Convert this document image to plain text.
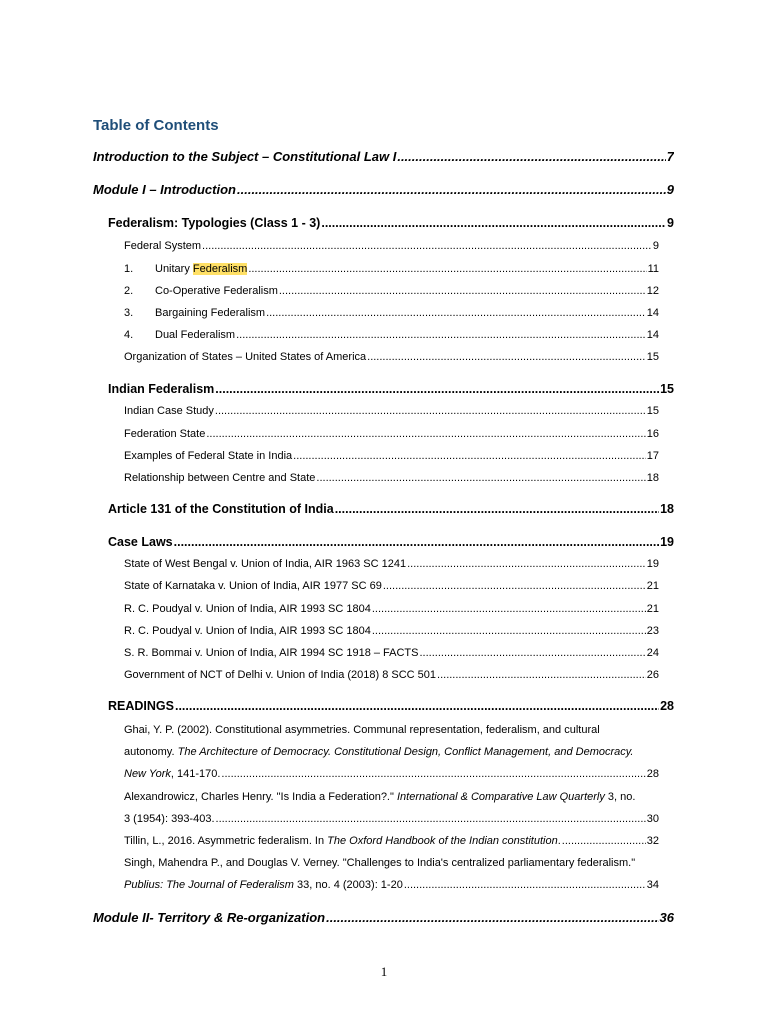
Table of Contents
Introduction to the Subject – Constitutional Law I .....	7
Module I – Introduction .....	9
Federalism: Typologies (Class 1 - 3) .....	9
Federal System .....	9
1. Unitary Federalism .....	11
2. Co-Operative Federalism .....	12
3. Bargaining Federalism .....	14
4. Dual Federalism .....	14
Organization of States – United States of America .....	15
Indian Federalism .....	15
Indian Case Study .....	15
Federation State .....	16
Examples of Federal State in India .....	17
Relationship between Centre and State .....	18
Article 131 of the Constitution of India .....	18
Case Laws .....	19
State of West Bengal v. Union of India, AIR 1963 SC 1241 .....	19
State of Karnataka v. Union of India, AIR 1977 SC 69 .....	21
R. C. Poudyal v. Union of India, AIR 1993 SC 1804 .....	21
R. C. Poudyal v. Union of India, AIR 1993 SC 1804 .....	23
S. R. Bommai v. Union of India, AIR 1994 SC 1918 – FACTS .....	24
Government of NCT of Delhi v. Union of India (2018) 8 SCC 501 .....	26
READINGS .....	28
Ghai, Y. P. (2002). Constitutional asymmetries. Communal representation, federalism, and cultural
autonomy. The Architecture of Democracy. Constitutional Design, Conflict Management, and Democracy.
New York, 141-170. .....	28
Alexandrowicz, Charles Henry. "Is India a Federation?." International & Comparative Law Quarterly 3, no.
3 (1954): 393-403. .....	30
Tillin, L., 2016. Asymmetric federalism. In The Oxford Handbook of the Indian constitution. .....	32
Singh, Mahendra P., and Douglas V. Verney. "Challenges to India's centralized parliamentary federalism."
Publius: The Journal of Federalism 33, no. 4 (2003): 1-20 .....	34
Module II- Territory & Re-organization .....	36
1
